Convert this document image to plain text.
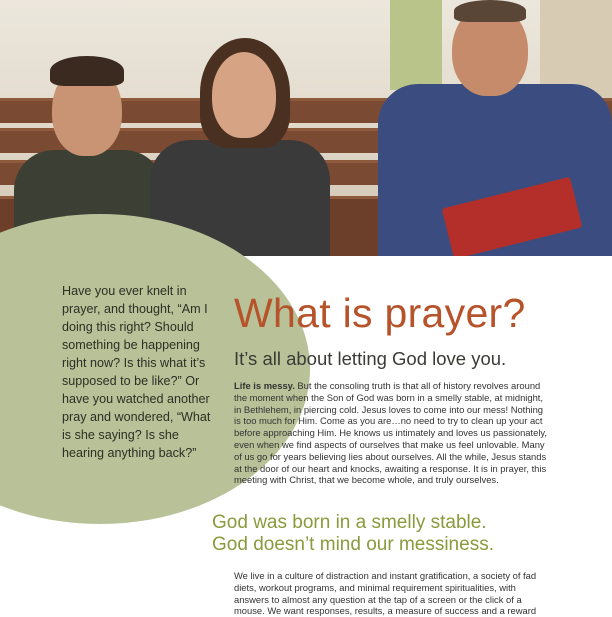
Have you ever knelt in prayer, and thought, “Am I doing this right? Should something be happening right now? Is this what it’s supposed to be like?” Or have you watched another pray and wondered, “What is she saying? Is she hearing anything back?”

What is prayer?
It’s all about letting God love you.

Life is messy. But the consoling truth is that all of history revolves around the moment when the Son of God was born in a smelly stable, at midnight, in Bethlehem, in piercing cold. Jesus loves to come into our mess! Nothing is too much for Him. Come as you are…no need to try to clean up your act before approaching Him. He knows us intimately and loves us passionately, even when we find aspects of ourselves that make us feel unlovable. Many of us go for years believing lies about ourselves. All the while, Jesus stands at the door of our heart and knocks, awaiting a response. It is in prayer, this meeting with Christ, that we become whole, and truly ourselves.

God was born in a smelly stable.
God doesn’t mind our messiness.

We live in a culture of distraction and instant gratification, a society of fad diets, workout programs, and minimal requirement spiritualities, with answers to almost any question at the tap of a screen or the click of a mouse. We want responses, results, a measure of success and a reward
